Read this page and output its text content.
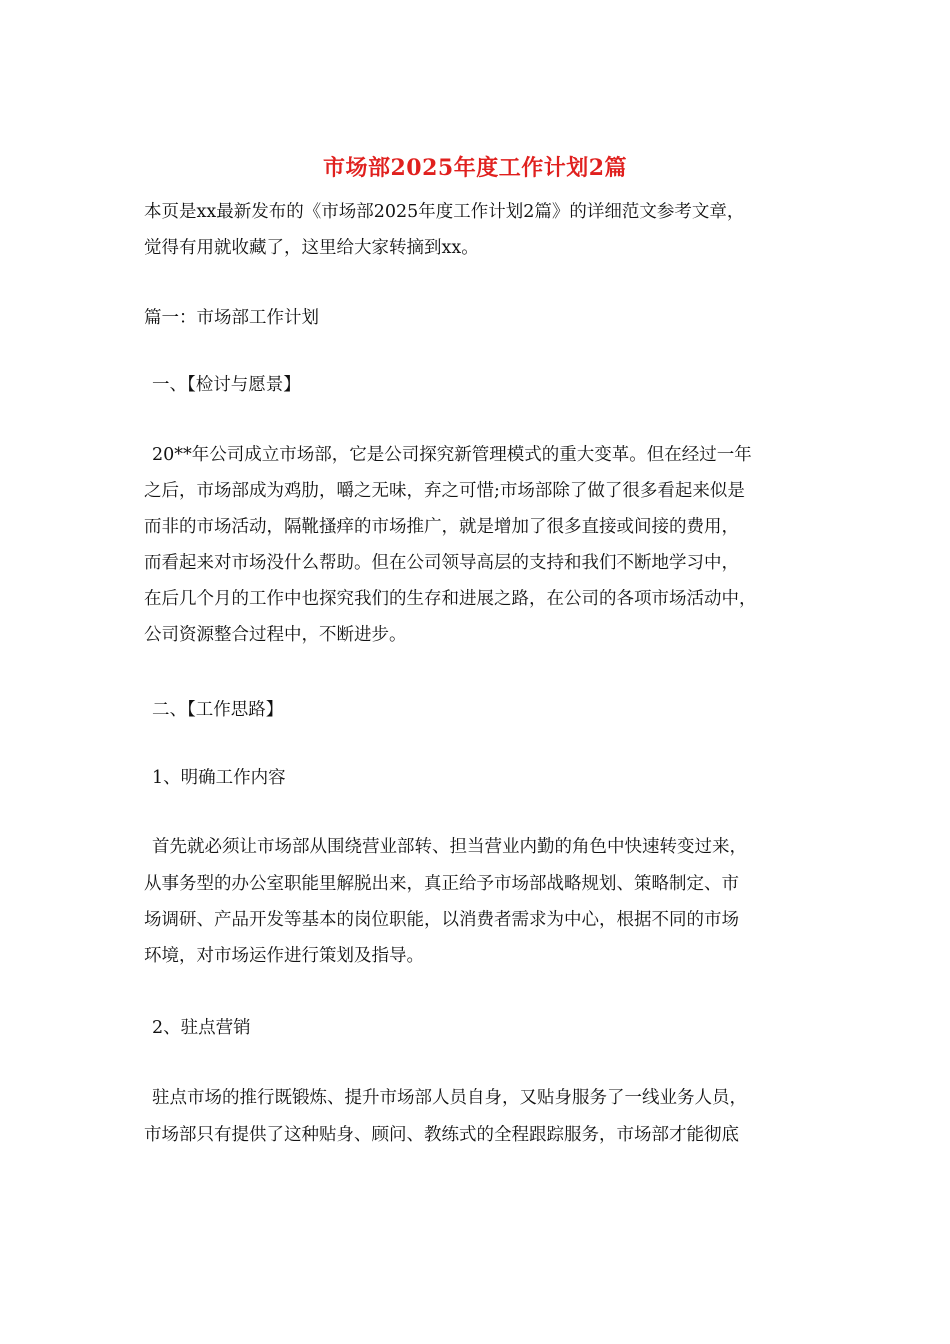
市场部2025年度工作计划2篇
本页是xx最新发布的《市场部2025年度工作计划2篇》的详细范文参考文章，
觉得有用就收藏了，这里给大家转摘到xx。
篇一：市场部工作计划
一、【检讨与愿景】
20**年公司成立市场部，它是公司探究新管理模式的重大变革。但在经过一年
之后，市场部成为鸡肋，嚼之无味，弃之可惜;市场部除了做了很多看起来似是
而非的市场活动，隔靴搔痒的市场推广，就是增加了很多直接或间接的费用，
而看起来对市场没什么帮助。但在公司领导高层的支持和我们不断地学习中，
在后几个月的工作中也探究我们的生存和进展之路，在公司的各项市场活动中，
公司资源整合过程中，不断进步。
二、【工作思路】
1、明确工作内容
首先就必须让市场部从围绕营业部转、担当营业内勤的角色中快速转变过来，
从事务型的办公室职能里解脱出来，真正给予市场部战略规划、策略制定、市
场调研、产品开发等基本的岗位职能，以消费者需求为中心，根据不同的市场
环境，对市场运作进行策划及指导。
2、驻点营销
驻点市场的推行既锻炼、提升市场部人员自身，又贴身服务了一线业务人员，
市场部只有提供了这种贴身、顾问、教练式的全程跟踪服务，市场部才能彻底
